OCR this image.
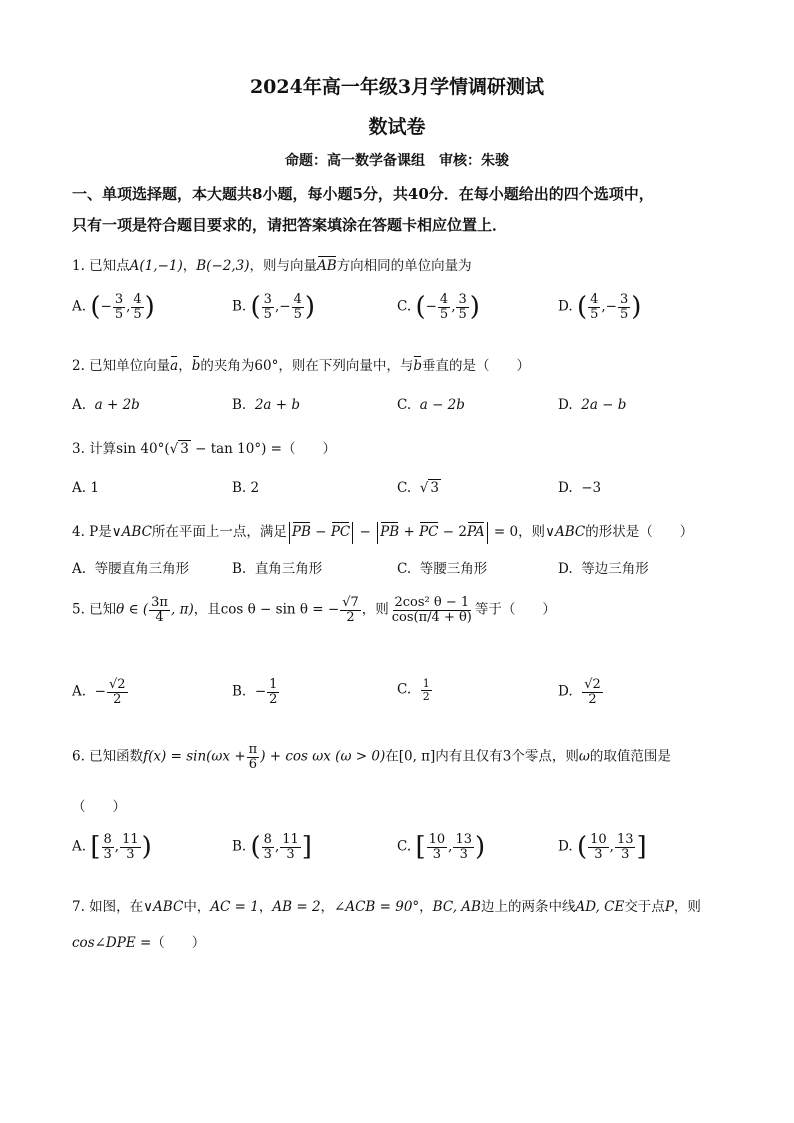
2024年高一年级3月学情调研测试
数试卷
命题：高一数学备课组　审核：朱骏
一、单项选择题，本大题共8小题，每小题5分，共40分．在每小题给出的四个选项中，
只有一项是符合题目要求的，请把答案填涂在答题卡相应位置上．
1. 已知点A(1,−1)，B(−2,3)，则与向量AB方向相同的单位向量为
A. (− $\frac{3}{5}$ , $\frac{4}{5}$ )	B. ( $\frac{3}{5}$ ,− $\frac{4}{5}$ )	C. (− $\frac{4}{5}$ , $\frac{3}{5}$ )	D. ( $\frac{4}{5}$ ,− $\frac{3}{5}$ )
2. 已知单位向量a，b的夹角为60°，则在下列向量中，与b垂直的是（　　）
A. a + 2b	B. 2a + b	C. a − 2b	D. 2a − b
3. 计算sin 40°(√ 3 − tan 10°) =（　　）
A. 1	B. 2	C.  √ 3	D. −3
4. P是∨ABC所在平面上一点，满足 PB − PC − PB + PC − 2PA = 0，则∨ABC的形状是（　　）
A. 等腰直角三角形	B. 直角三角形	C. 等腰三角形	D. 等边三角形
5. 已知θ ∈ ( $\frac{3\pi}{4}$ , π)，且cos θ − sin θ = − $\frac{√7}{2}$ ，则 $\frac{\text{2cos² θ − 1}}{\cos(\pi/4 + \theta)}$ 等于（　　）
A. − $\frac{√2}{2}$	B. − $\frac{1}{2}$	C. $\frac{1}{2}$	D. $\frac{√2}{2}$
6. 已知函数$f(x) = \sin(\omega x + \frac{\pi}{6}$ ) + cos ωx (ω > 0)在[0, π]内有且仅有3个零点，则ω的取值范围是
（　　）
A. [ $\frac{8}{3}$ , $\frac{11}{3}$ )	B. ( $\frac{8}{3}$ , $\frac{11}{3}$ ]	C. [ $\frac{10}{3}$ , $\frac{13}{3}$ )	D. ( $\frac{10}{3}$ , $\frac{13}{3}$ ]
7. 如图，在∨ABC中，AC = 1，AB = 2，∠ACB = 90°，BC, AB边上的两条中线AD, CE交于点P，则
cos∠DPE =（　　）
